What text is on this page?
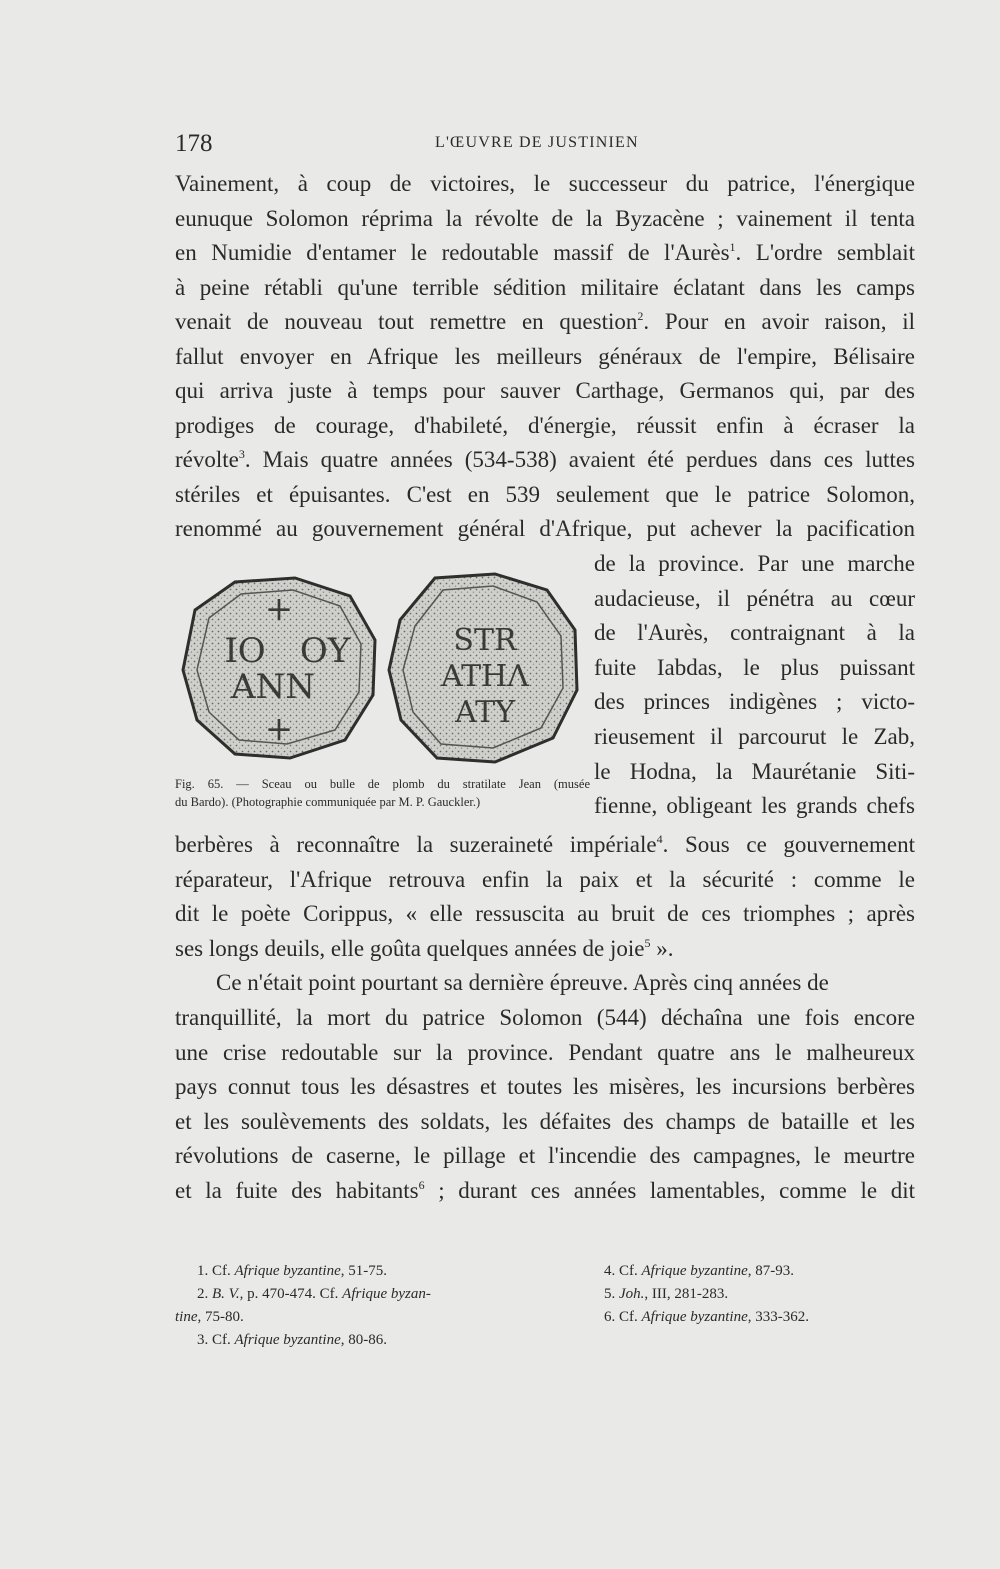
178	L'ŒUVRE DE JUSTINIEN
Vainement, à coup de victoires, le successeur du patrice, l'énergique
eunuque Solomon réprima la révolte de la Byzacène ; vainement il tenta
en Numidie d'entamer le redoutable massif de l'Aurès$^1$. L'ordre semblait
à peine rétabli qu'une terrible sédition militaire éclatant dans les camps
venait de nouveau tout remettre en question$^2$. Pour en avoir raison, il
fallut envoyer en Afrique les meilleurs généraux de l'empire, Bélisaire
qui arriva juste à temps pour sauver Carthage, Germanos qui, par des
prodiges de courage, d'habileté, d'énergie, réussit enfin à écraser la
révolte$^3$. Mais quatre années (534-538) avaient été perdues dans ces luttes
stériles et épuisantes. C'est en 539 seulement que le patrice Solomon,
renommé au gouvernement général d'Afrique, put achever la pacification
de la province. Par une marche
audacieuse, il pénétra au cœur
de l'Aurès, contraignant à la
fuite Iabdas, le plus puissant
des princes indigènes ; victo-
rieusement il parcourut le Zab,
le Hodna, la Maurétanie Siti-
fienne, obligeant les grands chefs
berbères à reconnaître la suzeraineté impériale$^4$. Sous ce gouvernement
réparateur, l'Afrique retrouva enfin la paix et la sécurité : comme le
dit le poète Corippus, « elle ressuscita au bruit de ces triomphes ; après
ses longs deuils, elle goûta quelques années de joie$^5$ ».
Ce n'était point pourtant sa dernière épreuve. Après cinq années de
tranquillité, la mort du patrice Solomon (544) déchaîna une fois encore
une crise redoutable sur la province. Pendant quatre ans le malheureux
pays connut tous les désastres et toutes les misères, les incursions berbères
et les soulèvements des soldats, les défaites des champs de bataille et les
révolutions de caserne, le pillage et l'incendie des campagnes, le meurtre
et la fuite des habitants$^6$ ; durant ces années lamentables, comme le dit
+
IO
ANN
OY
+
STR
ATHΛ
ATY
Fig. 65. — Sceau ou bulle de plomb du stratilate Jean (musée
du Bardo). (Photographie communiquée par M. P. Gauckler.)
1. Cf. Afrique byzantine, 51-75.
2. B. V., p. 470-474. Cf. Afrique byzan-
tine, 75-80.
3. Cf. Afrique byzantine, 80-86.
4. Cf. Afrique byzantine, 87-93.
5. Joh., III, 281-283.
6. Cf. Afrique byzantine, 333-362.
